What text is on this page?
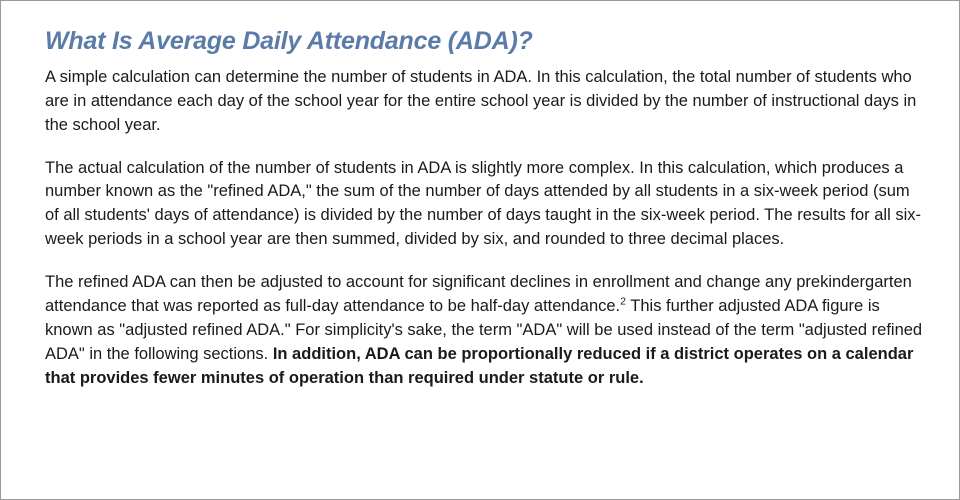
What Is Average Daily Attendance (ADA)?

A simple calculation can determine the number of students in ADA. In this calculation, the total number of students who are in attendance each day of the school year for the entire school year is divided by the number of instructional days in the school year.

The actual calculation of the number of students in ADA is slightly more complex. In this calculation, which produces a number known as the "refined ADA," the sum of the number of days attended by all students in a six-week period (sum of all students' days of attendance) is divided by the number of days taught in the six-week period. The results for all six-week periods in a school year are then summed, divided by six, and rounded to three decimal places.

The refined ADA can then be adjusted to account for significant declines in enrollment and change any prekindergarten attendance that was reported as full-day attendance to be half-day attendance.$^2$ This further adjusted ADA figure is known as "adjusted refined ADA." For simplicity's sake, the term "ADA" will be used instead of the term "adjusted refined ADA" in the following sections. In addition, ADA can be proportionally reduced if a district operates on a calendar that provides fewer minutes of operation than required under statute or rule.
